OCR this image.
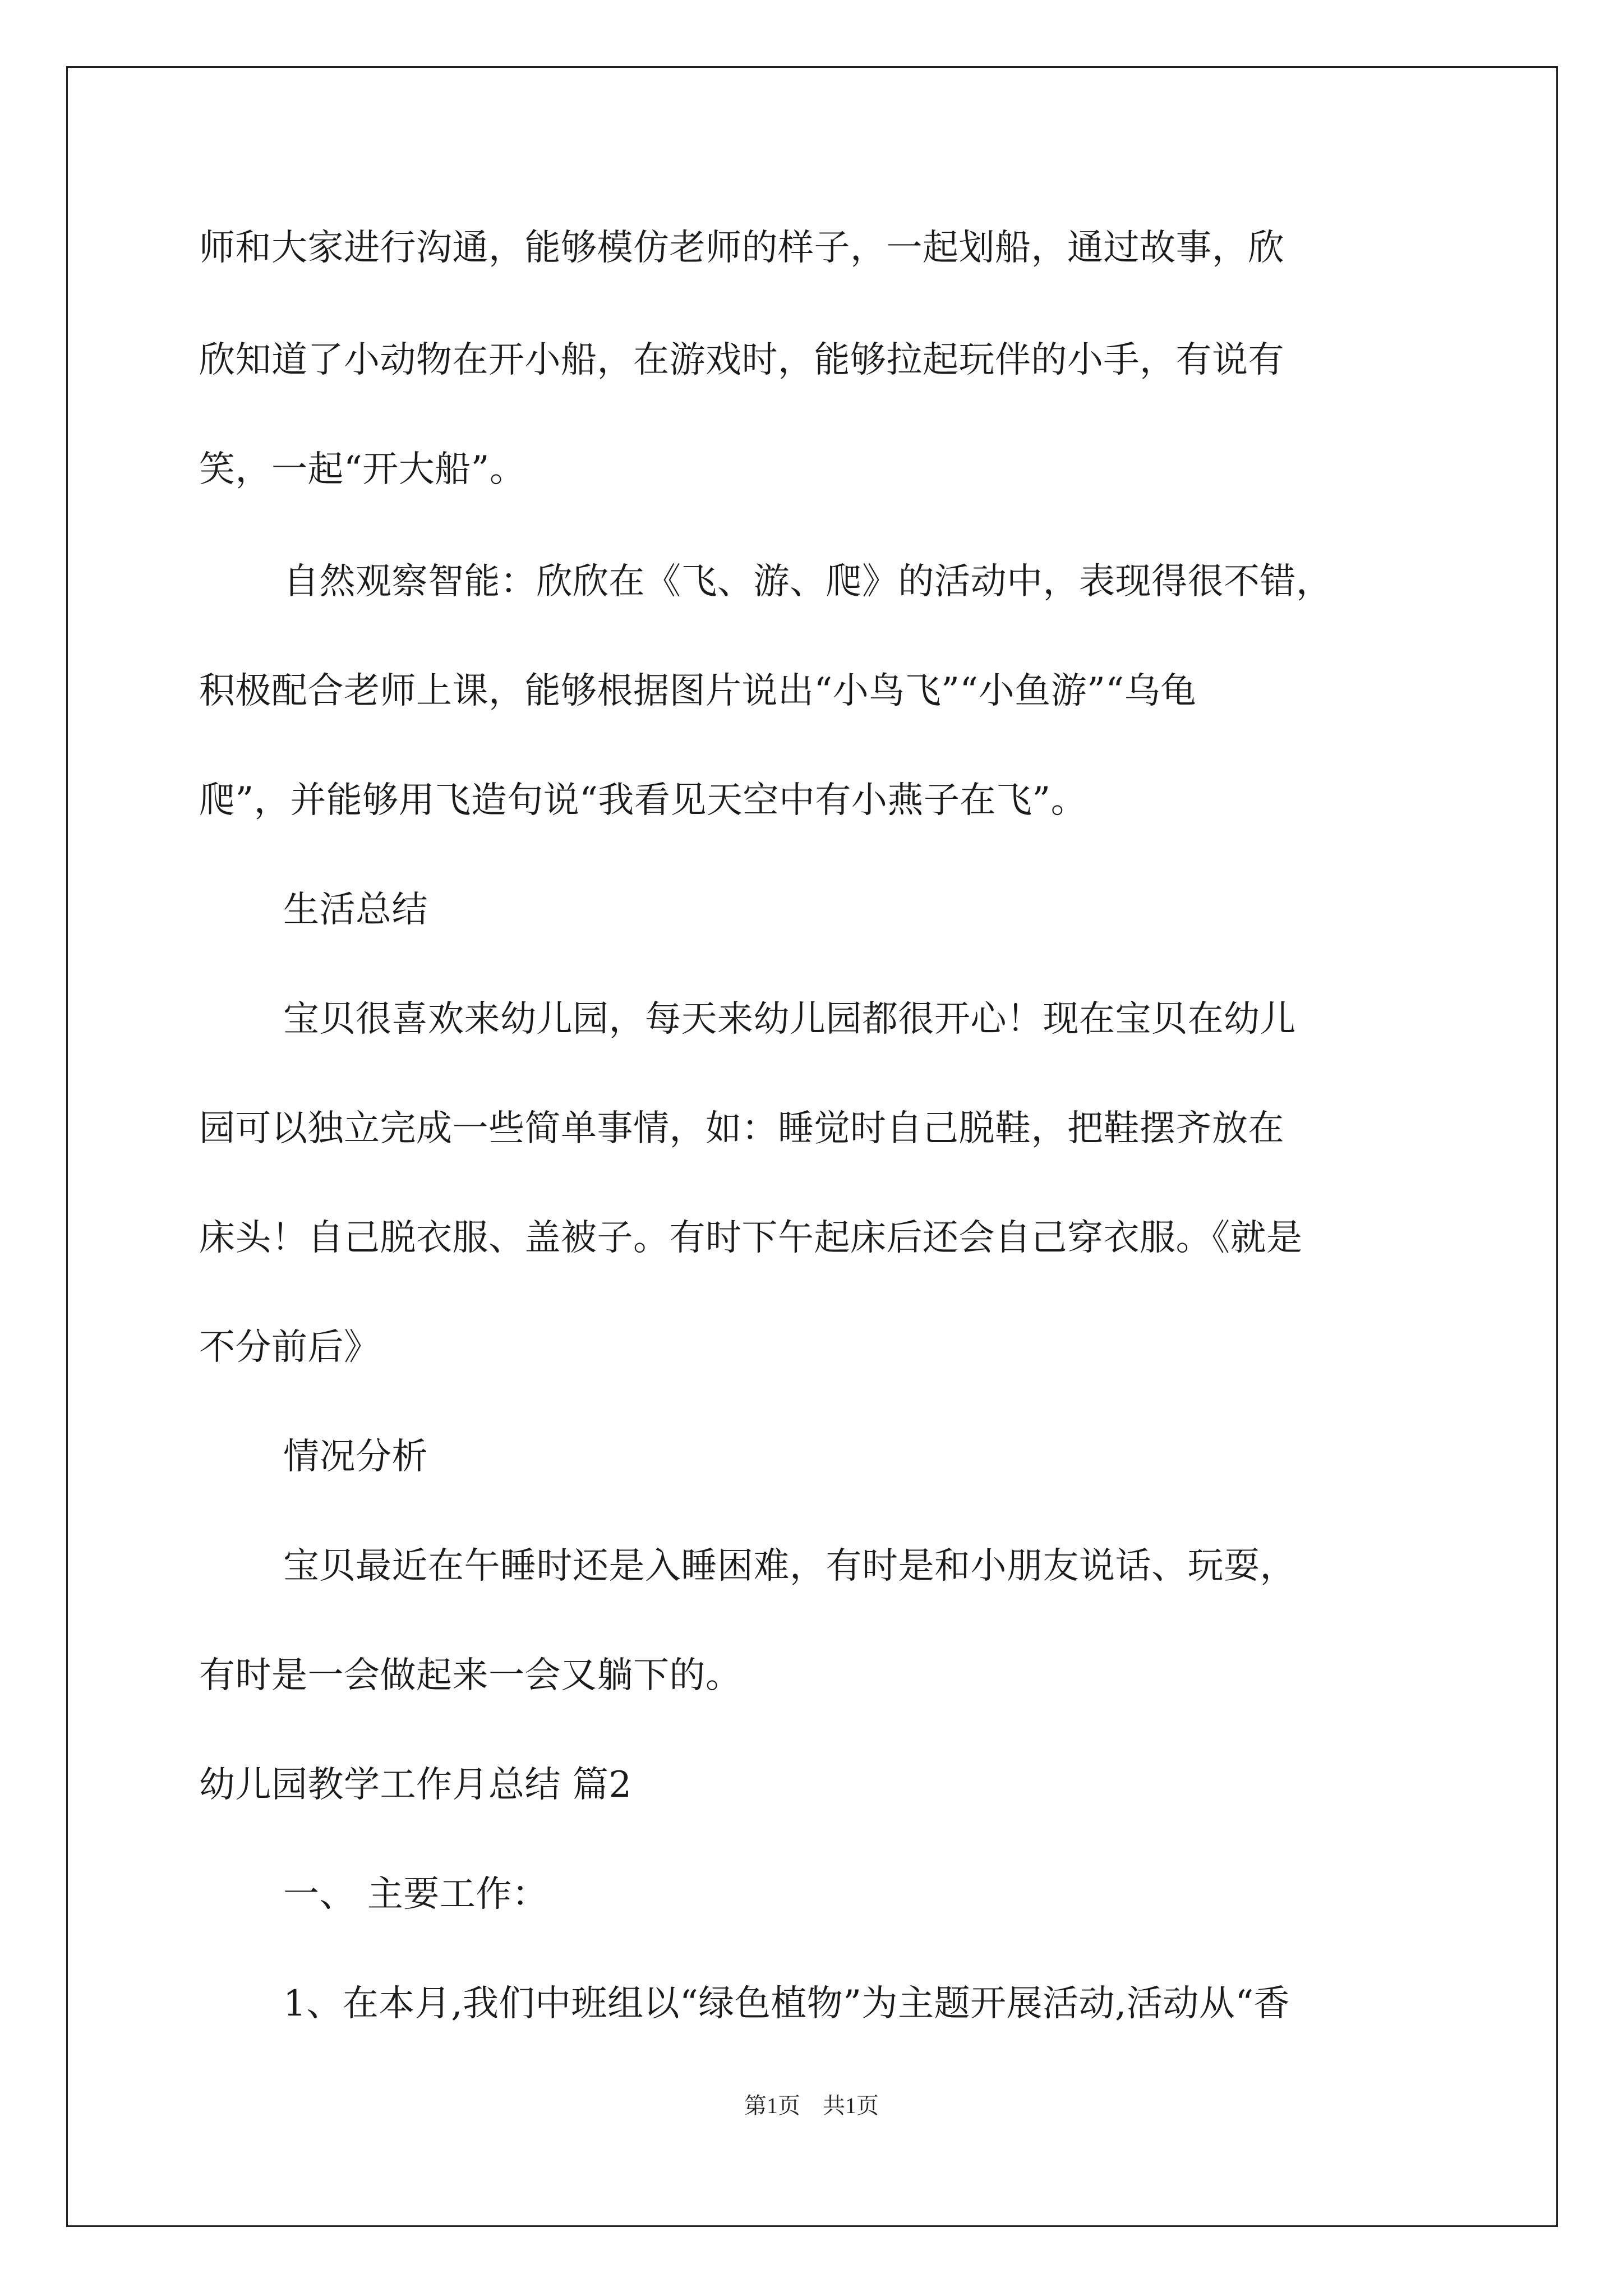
师和大家进行沟通，能够模仿老师的样子，一起划船，通过故事，欣
欣知道了小动物在开小船，在游戏时，能够拉起玩伴的小手，有说有
笑，一起“开大船”。
自然观察智能：欣欣在《飞、游、爬》的活动中，表现得很不错，
积极配合老师上课，能够根据图片说出“小鸟飞”“小鱼游”“乌龟
爬”，并能够用飞造句说“我看见天空中有小燕子在飞”。
生活总结
宝贝很喜欢来幼儿园，每天来幼儿园都很开心！现在宝贝在幼儿
园可以独立完成一些简单事情，如：睡觉时自己脱鞋，把鞋摆齐放在
床头！自己脱衣服、盖被子。有时下午起床后还会自己穿衣服。《就是
不分前后》
情况分析
宝贝最近在午睡时还是入睡困难，有时是和小朋友说话、玩耍，
有时是一会做起来一会又躺下的。
幼儿园教学工作月总结 篇2
一、 主要工作：
1、在本月,我们中班组以“绿色植物”为主题开展活动,活动从“香
第1页 共1页
